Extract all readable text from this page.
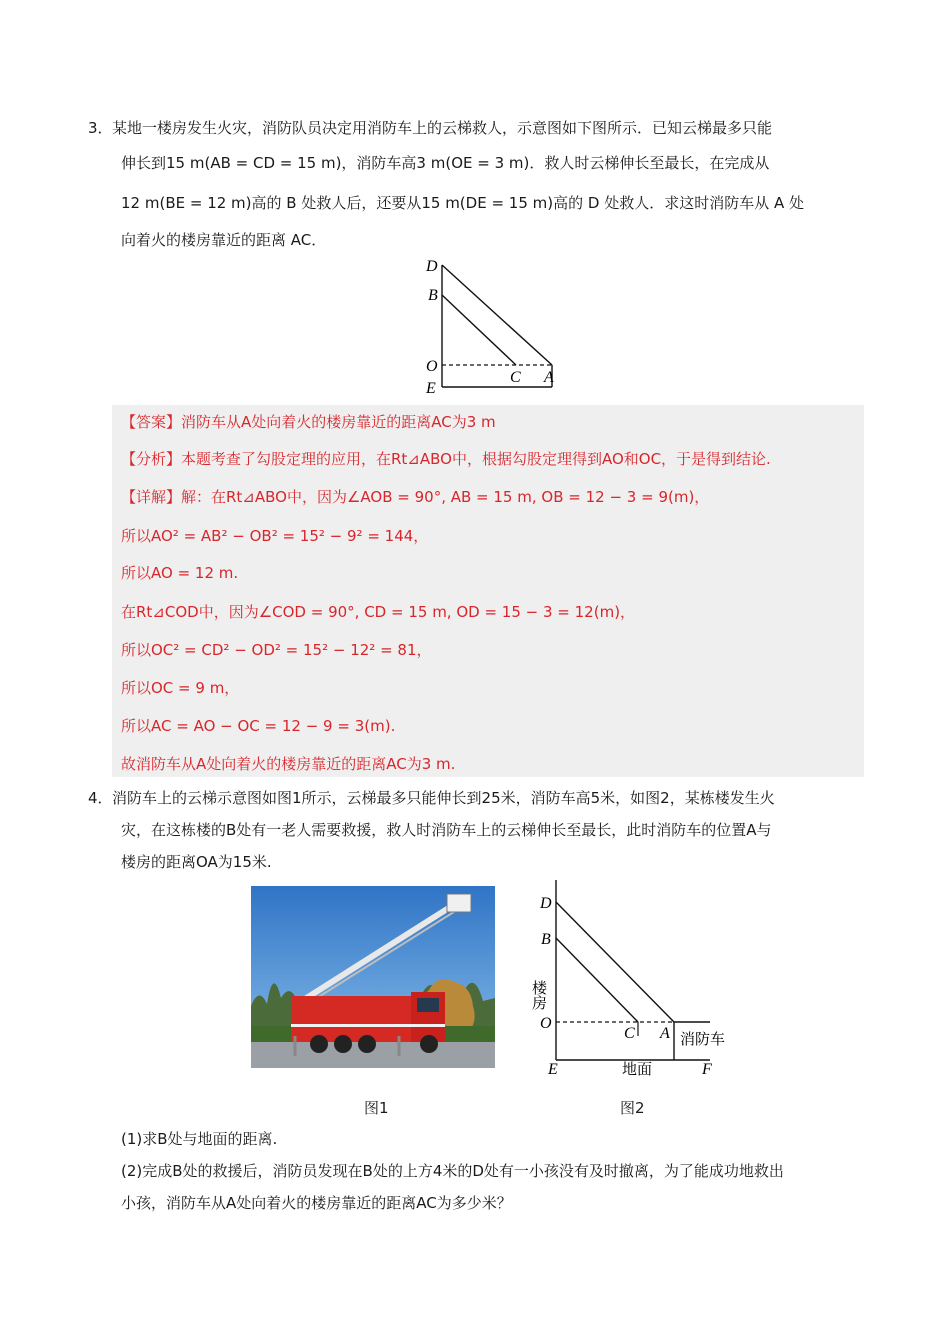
3． 某地一楼房发生火灾，消防队员决定用消防车上的云梯救人，示意图如下图所示．已知云梯最多只能
伸长到15 m(AB = CD = 15 m)，消防车高3 m(OE = 3 m)．救人时云梯伸长至最长，在完成从
12 m(BE = 12 m)高的 B 处救人后，还要从15 m(DE = 15 m)高的 D 处救人．求这时消防车从 A 处
向着火的楼房靠近的距离 AC．
D
B
O
E
C A
【答案】消防车从A处向着火的楼房靠近的距离AC为3 m
【分析】本题考查了勾股定理的应用，在Rt⊿ABO中，根据勾股定理得到AO和OC，于是得到结论.
【详解】解：在Rt⊿ABO中，因为∠AOB = 90°, AB = 15 m, OB = 12 − 3 = 9(m)，
所以AO² = AB² − OB² = 15² − 9² = 144，
所以AO = 12 m.
在Rt⊿COD中，因为∠COD = 90°, CD = 15 m, OD = 15 − 3 = 12(m)，
所以OC² = CD² − OD² = 15² − 12² = 81，
所以OC = 9 m，
所以AC = AO − OC = 12 − 9 = 3(m).
故消防车从A处向着火的楼房靠近的距离AC为3 m.
4． 消防车上的云梯示意图如图1所示，云梯最多只能伸长到25米，消防车高5米，如图2，某栋楼发生火
灾，在这栋楼的B处有一老人需要救援，救人时消防车上的云梯伸长至最长，此时消防车的位置A与
楼房的距离OA为15米.
图1
D
B
楼房
O
C A 消防车
E	地面	F
图2
(1)求B处与地面的距离.
(2)完成B处的救援后，消防员发现在B处的上方4米的D处有一小孩没有及时撤离，为了能成功地救出
小孩，消防车从A处向着火的楼房靠近的距离AC为多少米？
